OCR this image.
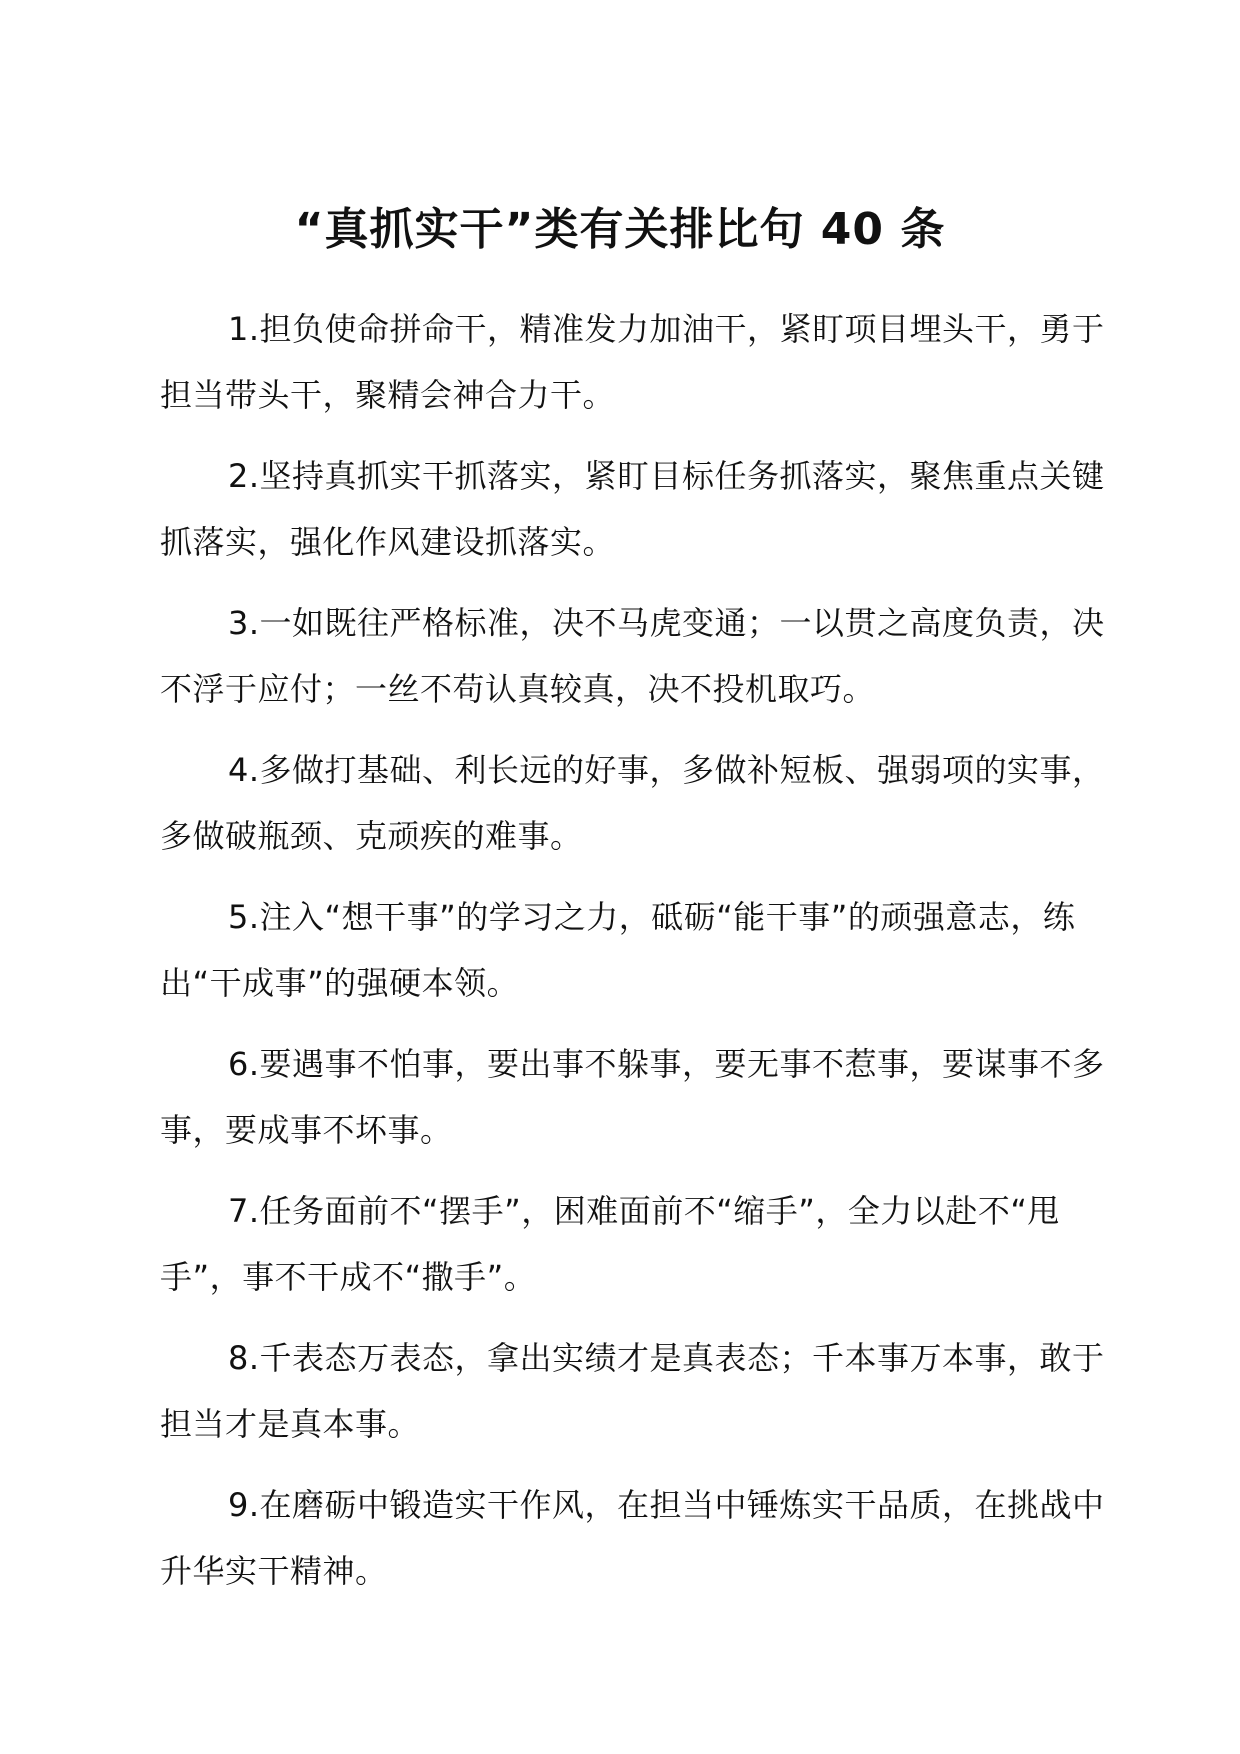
“真抓实干”类有关排比句 40 条

1.担负使命拼命干，精准发力加油干，紧盯项目埋头干，勇于担当带头干，聚精会神合力干。

2.坚持真抓实干抓落实，紧盯目标任务抓落实，聚焦重点关键抓落实，强化作风建设抓落实。

3.一如既往严格标准，决不马虎变通；一以贯之高度负责，决不浮于应付；一丝不苟认真较真，决不投机取巧。

4.多做打基础、利长远的好事，多做补短板、强弱项的实事，多做破瓶颈、克顽疾的难事。

5.注入“想干事”的学习之力，砥砺“能干事”的顽强意志，练出“干成事”的强硬本领。

6.要遇事不怕事，要出事不躲事，要无事不惹事，要谋事不多事，要成事不坏事。

7.任务面前不“摆手”，困难面前不“缩手”，全力以赴不“甩手”，事不干成不“撒手”。

8.千表态万表态，拿出实绩才是真表态；千本事万本事，敢于担当才是真本事。

9.在磨砺中锻造实干作风，在担当中锤炼实干品质，在挑战中升华实干精神。
